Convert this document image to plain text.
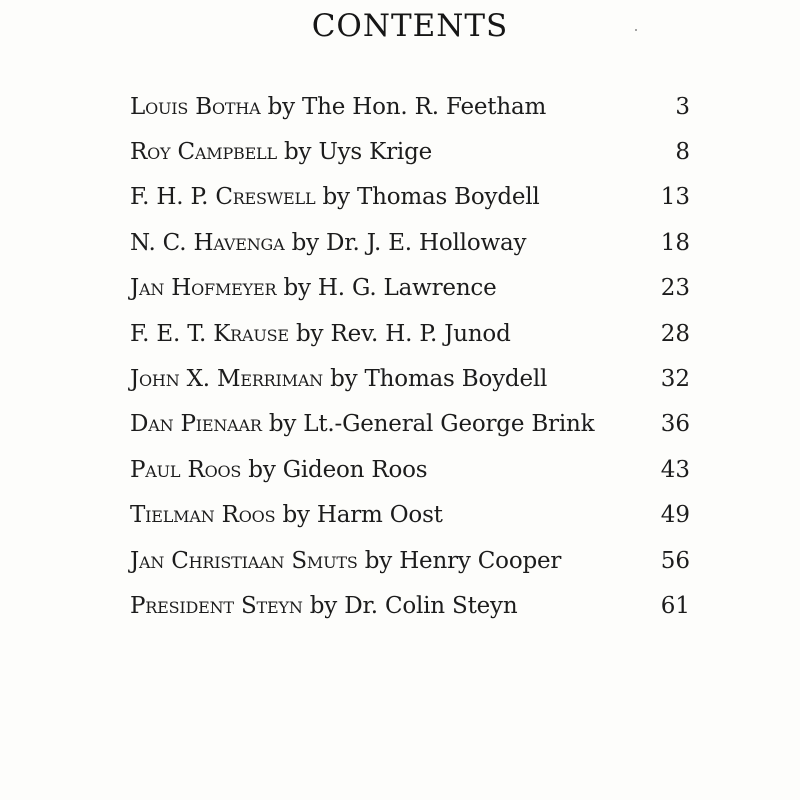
CONTENTS
Louis Botha by The Hon. R. Feetham	3
Roy Campbell by Uys Krige	8
F. H. P. Creswell by Thomas Boydell	13
N. C. Havenga by Dr. J. E. Holloway	18
Jan Hofmeyer by H. G. Lawrence	23
F. E. T. Krause by Rev. H. P. Junod	28
John X. Merriman by Thomas Boydell	32
Dan Pienaar by Lt.-General George Brink	36
Paul Roos by Gideon Roos	43
Tielman Roos by Harm Oost	49
Jan Christiaan Smuts by Henry Cooper	56
President Steyn by Dr. Colin Steyn	61
